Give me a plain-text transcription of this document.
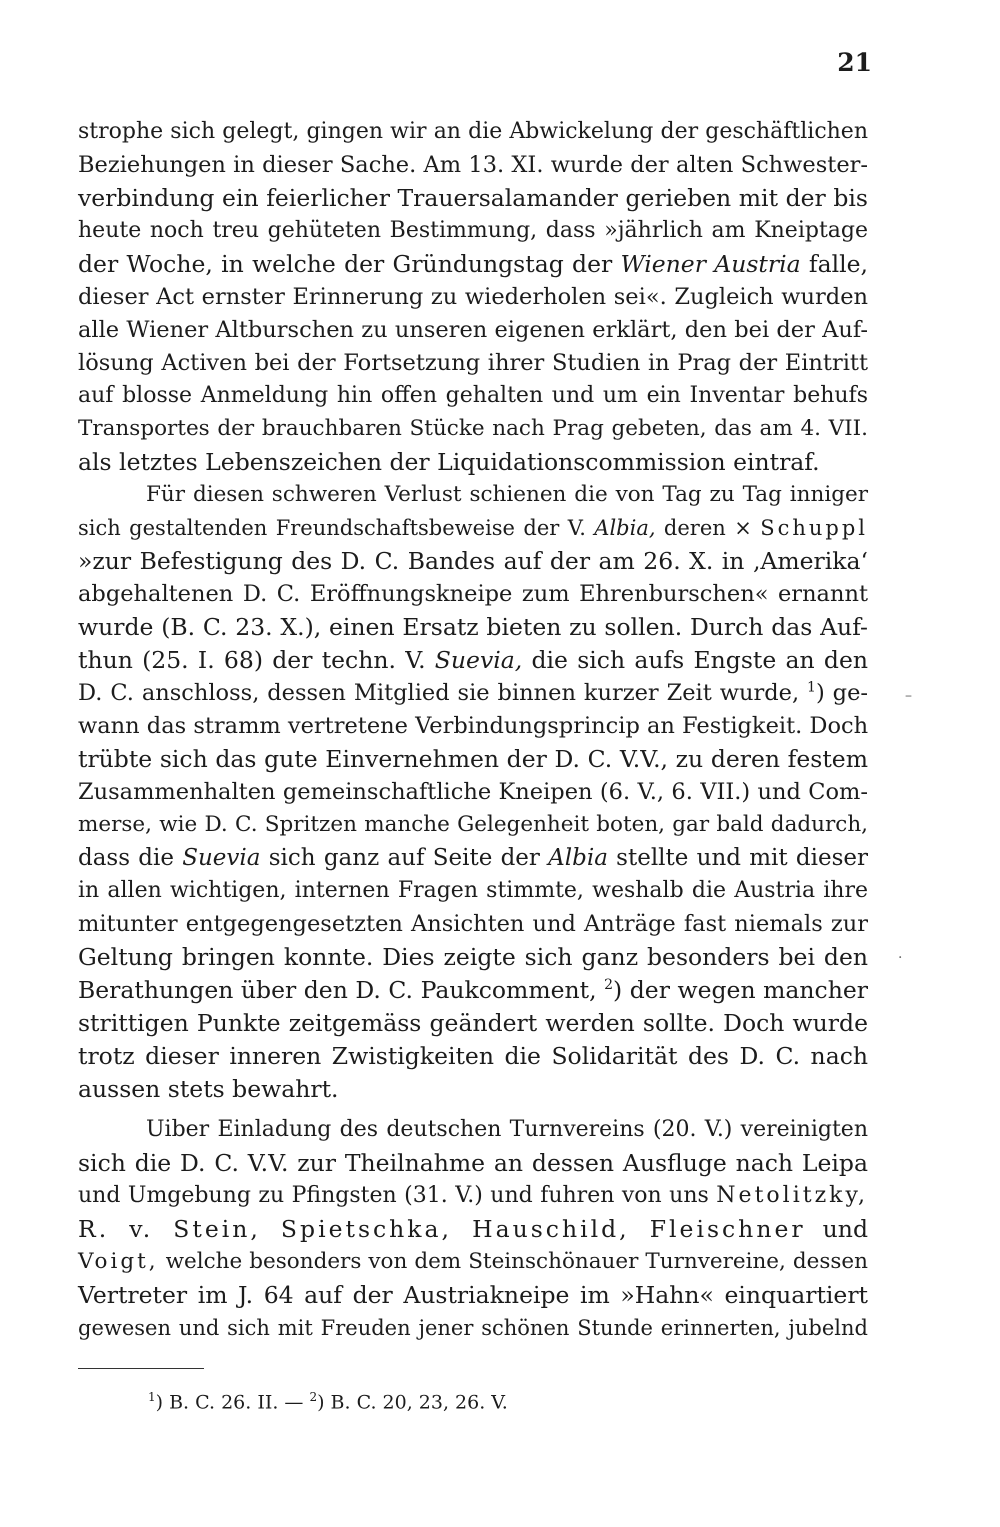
21
strophe sich gelegt, gingen wir an die Abwickelung der geschäftlichen
Beziehungen in dieser Sache. Am 13. XI. wurde der alten Schwester-
verbindung ein feierlicher Trauersalamander gerieben mit der bis
heute noch treu gehüteten Bestimmung, dass »jährlich am Kneiptage
der Woche, in welche der Gründungstag der Wiener Austria falle,
dieser Act ernster Erinnerung zu wiederholen sei«. Zugleich wurden
alle Wiener Altburschen zu unseren eigenen erklärt, den bei der Auf-
lösung Activen bei der Fortsetzung ihrer Studien in Prag der Eintritt
auf blosse Anmeldung hin offen gehalten und um ein Inventar behufs
Transportes der brauchbaren Stücke nach Prag gebeten, das am 4. VII.
als letztes Lebenszeichen der Liquidationscommission eintraf.
Für diesen schweren Verlust schienen die von Tag zu Tag inniger
sich gestaltenden Freundschaftsbeweise der V. Albia, deren × Schuppl
»zur Befestigung des D. C. Bandes auf der am 26. X. in ‚Amerika‘
abgehaltenen D. C. Eröffnungskneipe zum Ehrenburschen« ernannt
wurde (B. C. 23. X.), einen Ersatz bieten zu sollen. Durch das Auf-
thun (25. I. 68) der techn. V. Suevia, die sich aufs Engste an den
D. C. anschloss, dessen Mitglied sie binnen kurzer Zeit wurde, $^1$) ge-
wann das stramm vertretene Verbindungsprincip an Festigkeit. Doch
trübte sich das gute Einvernehmen der D. C. V.V., zu deren festem
Zusammenhalten gemeinschaftliche Kneipen (6. V., 6. VII.) und Com-
merse, wie D. C. Spritzen manche Gelegenheit boten, gar bald dadurch,
dass die Suevia sich ganz auf Seite der Albia stellte und mit dieser
in allen wichtigen, internen Fragen stimmte, weshalb die Austria ihre
mitunter entgegengesetzten Ansichten und Anträge fast niemals zur
Geltung bringen konnte. Dies zeigte sich ganz besonders bei den
Berathungen über den D. C. Paukcomment, $^2$) der wegen mancher
strittigen Punkte zeitgemäss geändert werden sollte. Doch wurde
trotz dieser inneren Zwistigkeiten die Solidarität des D. C. nach
aussen stets bewahrt.
Uiber Einladung des deutschen Turnvereins (20. V.) vereinigten
sich die D. C. V.V. zur Theilnahme an dessen Ausfluge nach Leipa
und Umgebung zu Pfingsten (31. V.) und fuhren von uns Netolitzky,
R. v. Stein, Spietschka, Hauschild, Fleischner und
Voigt, welche besonders von dem Steinschönauer Turnvereine, dessen
Vertreter im J. 64 auf der Austriakneipe im »Hahn« einquartiert
gewesen und sich mit Freuden jener schönen Stunde erinnerten, jubelnd
$^1$) B. C. 26. II. — $^2$) B. C. 20, 23, 26. V.
–
·
